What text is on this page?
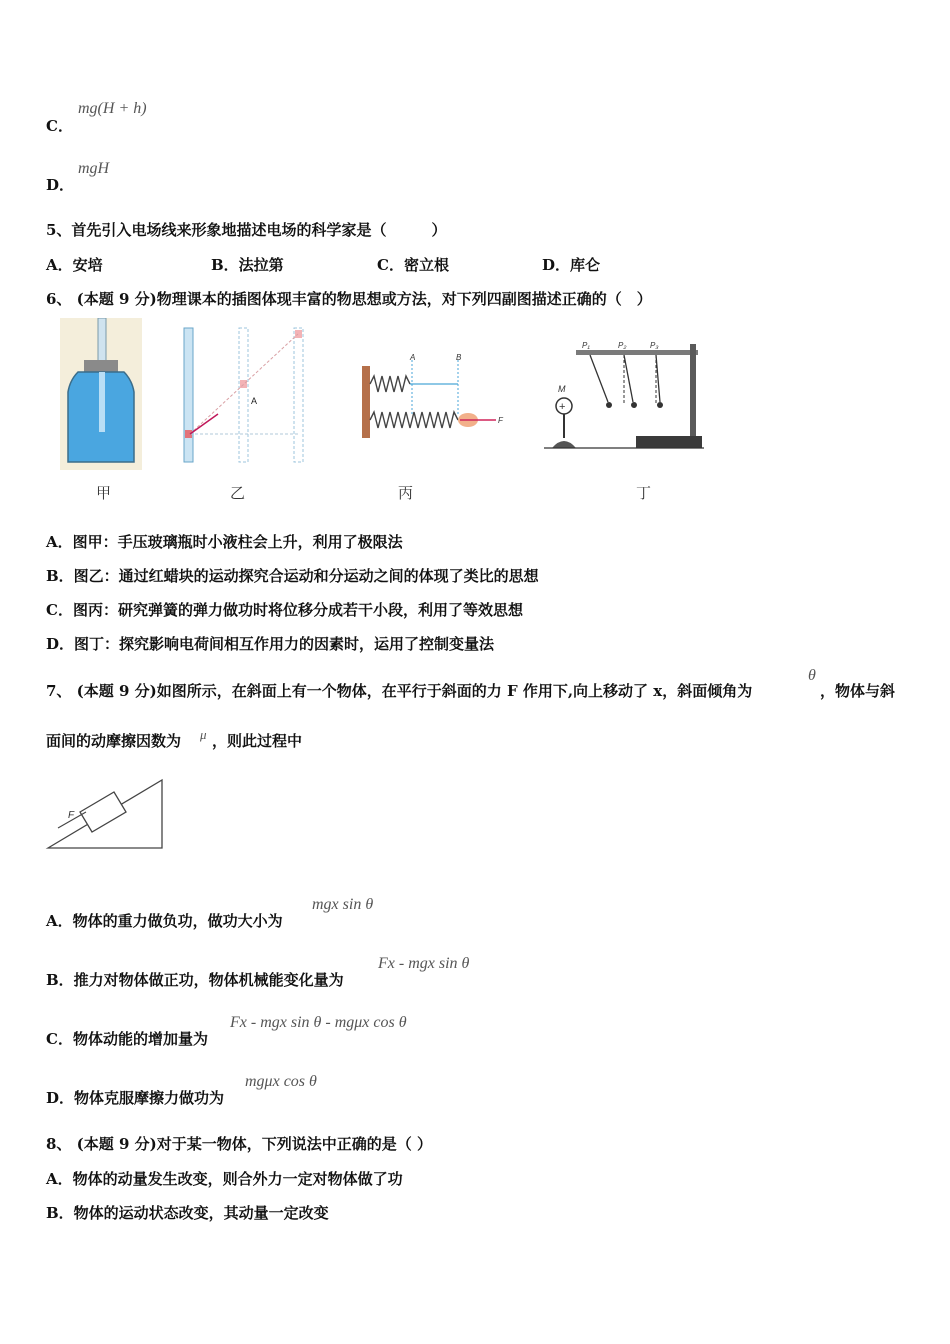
C．
mg(H + h)
D．
mgH
5、首先引入电场线来形象地描述电场的科学家是（　　　）
A．安培	B．法拉第	C．密立根	D．库仑
6、 (本题 9 分)物理课本的插图体现丰富的物思想或方法，对下列四副图描述正确的（　）
甲
A
乙
A	B
F
丙
+
M
P₁	P₂	P₃
丁
A．图甲：手压玻璃瓶时小液柱会上升，利用了极限法
B．图乙：通过红蜡块的运动探究合运动和分运动之间的体现了类比的思想
C．图丙：研究弹簧的弹力做功时将位移分成若干小段，利用了等效思想
D．图丁：探究影响电荷间相互作用力的因素时，运用了控制变量法
7、 (本题 9 分)如图所示，在斜面上有一个物体，在平行于斜面的力 F 作用下,向上移动了 x，斜面倾角为
θ
，物体与斜
面间的动摩擦因数为 μ ，则此过程中
F
A．物体的重力做负功，做功大小为
mgx sin θ
B．推力对物体做正功，物体机械能变化量为
Fx - mgx sin θ
C．物体动能的增加量为
Fx - mgx sin θ - mgμx cos θ
D．物体克服摩擦力做功为
mgμx cos θ
8、 (本题 9 分)对于某一物体，下列说法中正确的是（ ）
A．物体的动量发生改变，则合外力一定对物体做了功
B．物体的运动状态改变，其动量一定改变
